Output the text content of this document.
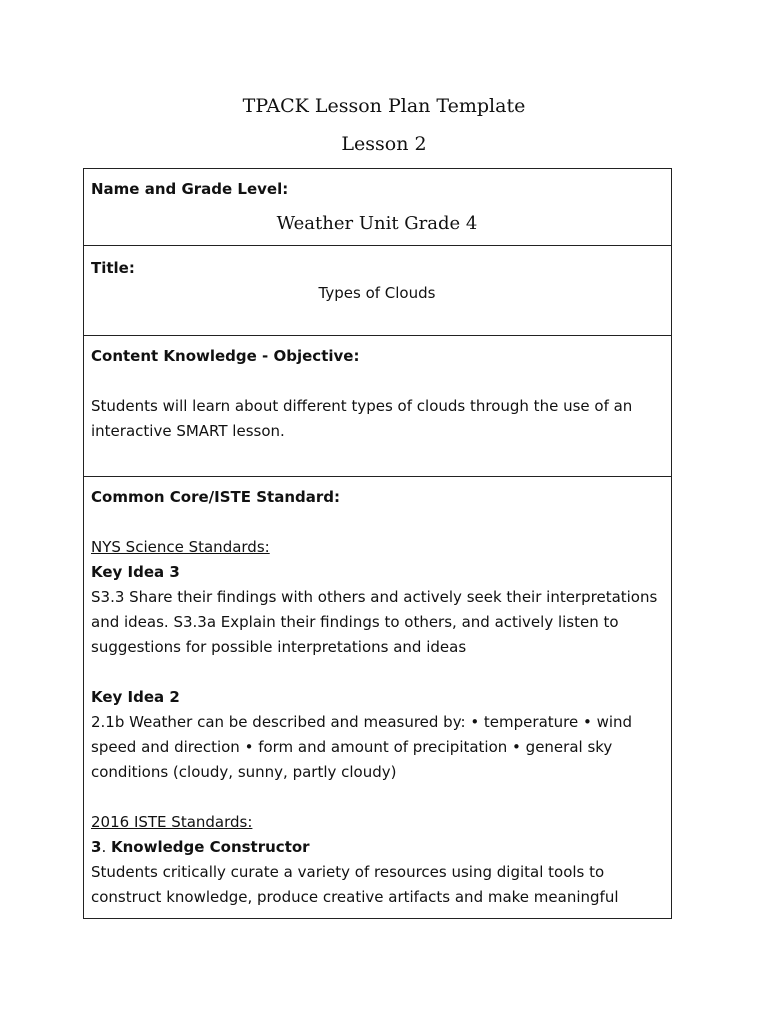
TPACK Lesson Plan Template
Lesson 2
Name and Grade Level:
Weather Unit Grade 4
Title:
Types of Clouds
Content Knowledge - Objective:
Students will learn about different types of clouds through the use of an interactive SMART lesson.
Common Core/ISTE Standard:
NYS Science Standards:
Key Idea 3
S3.3 Share their findings with others and actively seek their interpretations and ideas. S3.3a Explain their findings to others, and actively listen to suggestions for possible interpretations and ideas
Key Idea 2
2.1b Weather can be described and measured by: • temperature • wind speed and direction • form and amount of precipitation • general sky conditions (cloudy, sunny, partly cloudy)
2016 ISTE Standards:
3. Knowledge Constructor
Students critically curate a variety of resources using digital tools to construct knowledge, produce creative artifacts and make meaningful
